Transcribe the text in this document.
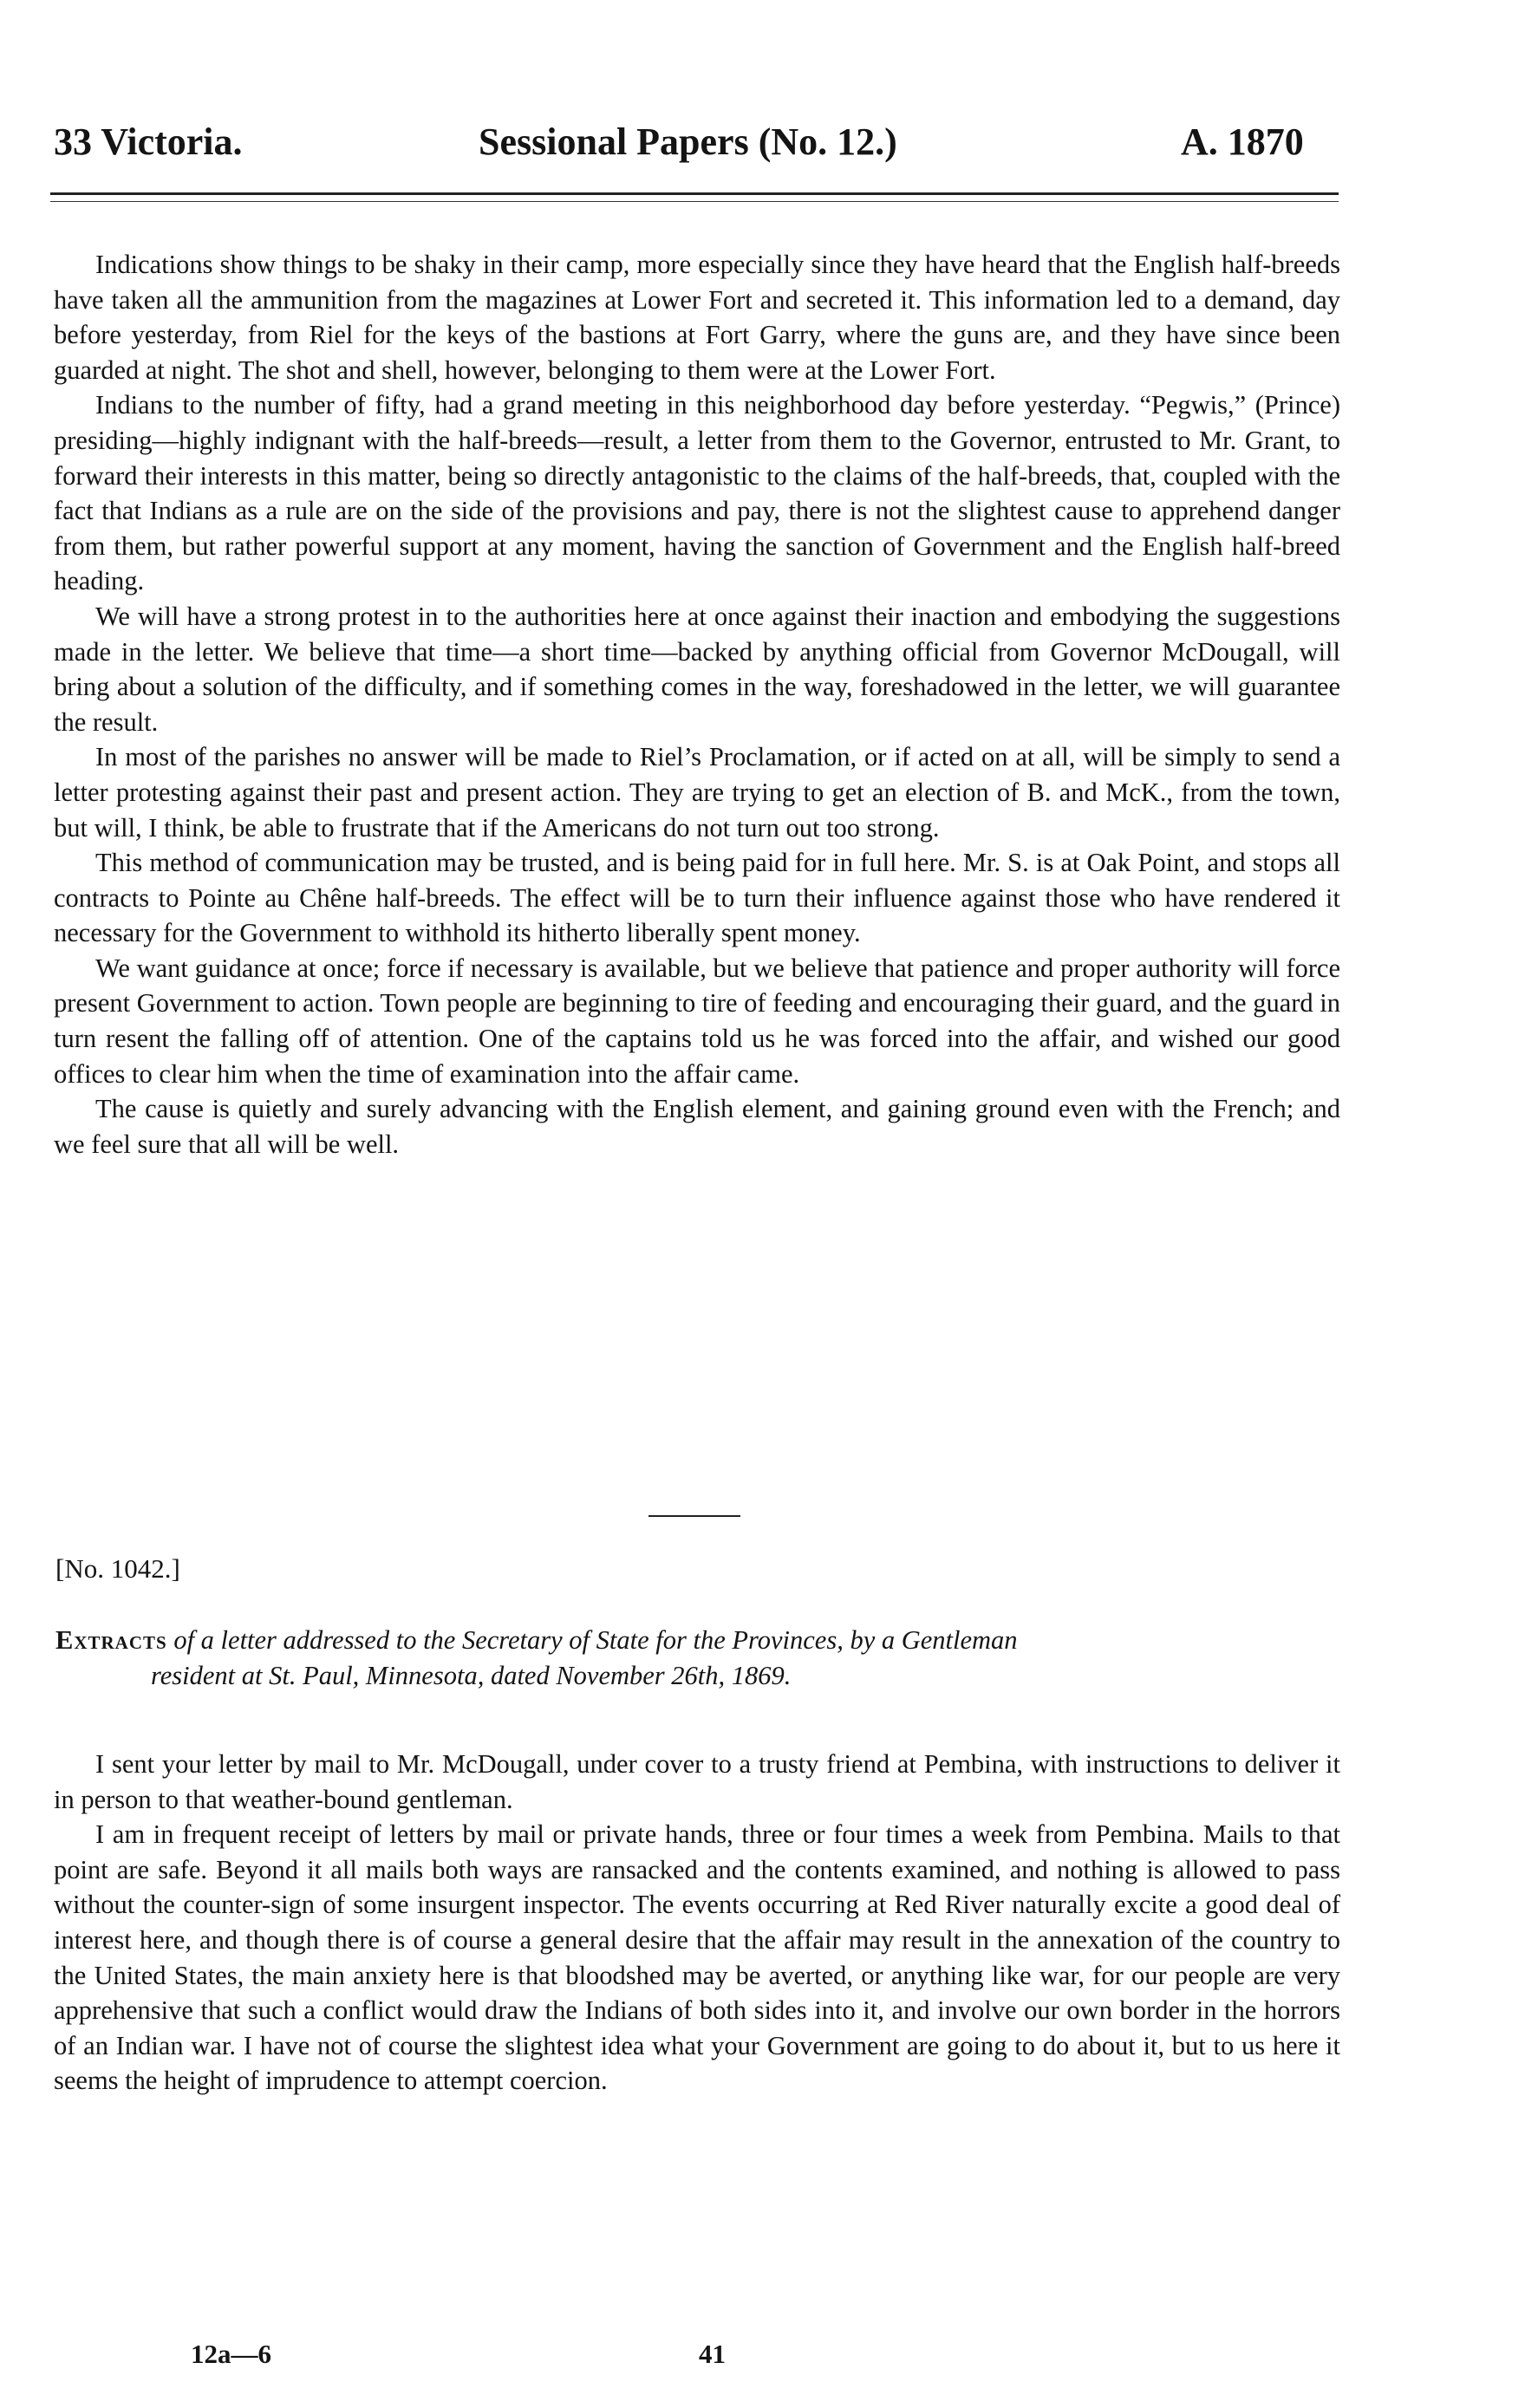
33 Victoria.	Sessional Papers (No. 12.)	A. 1870

Indications show things to be shaky in their camp, more especially since they have heard that the English half-breeds have taken all the ammunition from the magazines at Lower Fort and secreted it. This information led to a demand, day before yesterday, from Riel for the keys of the bastions at Fort Garry, where the guns are, and they have since been guarded at night. The shot and shell, however, belonging to them were at the Lower Fort.

Indians to the number of fifty, had a grand meeting in this neighborhood day before yesterday. “Pegwis,” (Prince) presiding—highly indignant with the half-breeds—result, a letter from them to the Governor, entrusted to Mr. Grant, to forward their interests in this matter, being so directly antagonistic to the claims of the half-breeds, that, coupled with the fact that Indians as a rule are on the side of the provisions and pay, there is not the slightest cause to apprehend danger from them, but rather powerful support at any moment, having the sanction of Government and the English half-breed heading.

We will have a strong protest in to the authorities here at once against their inaction and embodying the suggestions made in the letter. We believe that time—a short time—backed by anything official from Governor McDougall, will bring about a solution of the difficulty, and if something comes in the way, foreshadowed in the letter, we will guarantee the result.

In most of the parishes no answer will be made to Riel’s Proclamation, or if acted on at all, will be simply to send a letter protesting against their past and present action. They are trying to get an election of B. and McK., from the town, but will, I think, be able to frustrate that if the Americans do not turn out too strong.

This method of communication may be trusted, and is being paid for in full here. Mr. S. is at Oak Point, and stops all contracts to Pointe au Chêne half-breeds. The effect will be to turn their influence against those who have rendered it necessary for the Government to withhold its hitherto liberally spent money.

We want guidance at once; force if necessary is available, but we believe that patience and proper authority will force present Government to action. Town people are beginning to tire of feeding and encouraging their guard, and the guard in turn resent the falling off of attention. One of the captains told us he was forced into the affair, and wished our good offices to clear him when the time of examination into the affair came.

The cause is quietly and surely advancing with the English element, and gaining ground even with the French; and we feel sure that all will be well.

[No. 1042.]
Extracts of a letter addressed to the Secretary of State for the Provinces, by a Gentleman
resident at St. Paul, Minnesota, dated November 26th, 1869.

I sent your letter by mail to Mr. McDougall, under cover to a trusty friend at Pembina, with instructions to deliver it in person to that weather-bound gentleman.

I am in frequent receipt of letters by mail or private hands, three or four times a week from Pembina. Mails to that point are safe. Beyond it all mails both ways are ransacked and the contents examined, and nothing is allowed to pass without the counter-sign of some insurgent inspector. The events occurring at Red River naturally excite a good deal of interest here, and though there is of course a general desire that the affair may result in the annexation of the country to the United States, the main anxiety here is that bloodshed may be averted, or anything like war, for our people are very apprehensive that such a conflict would draw the Indians of both sides into it, and involve our own border in the horrors of an Indian war. I have not of course the slightest idea what your Government are going to do about it, but to us here it seems the height of imprudence to attempt coercion.

12a—6	41
